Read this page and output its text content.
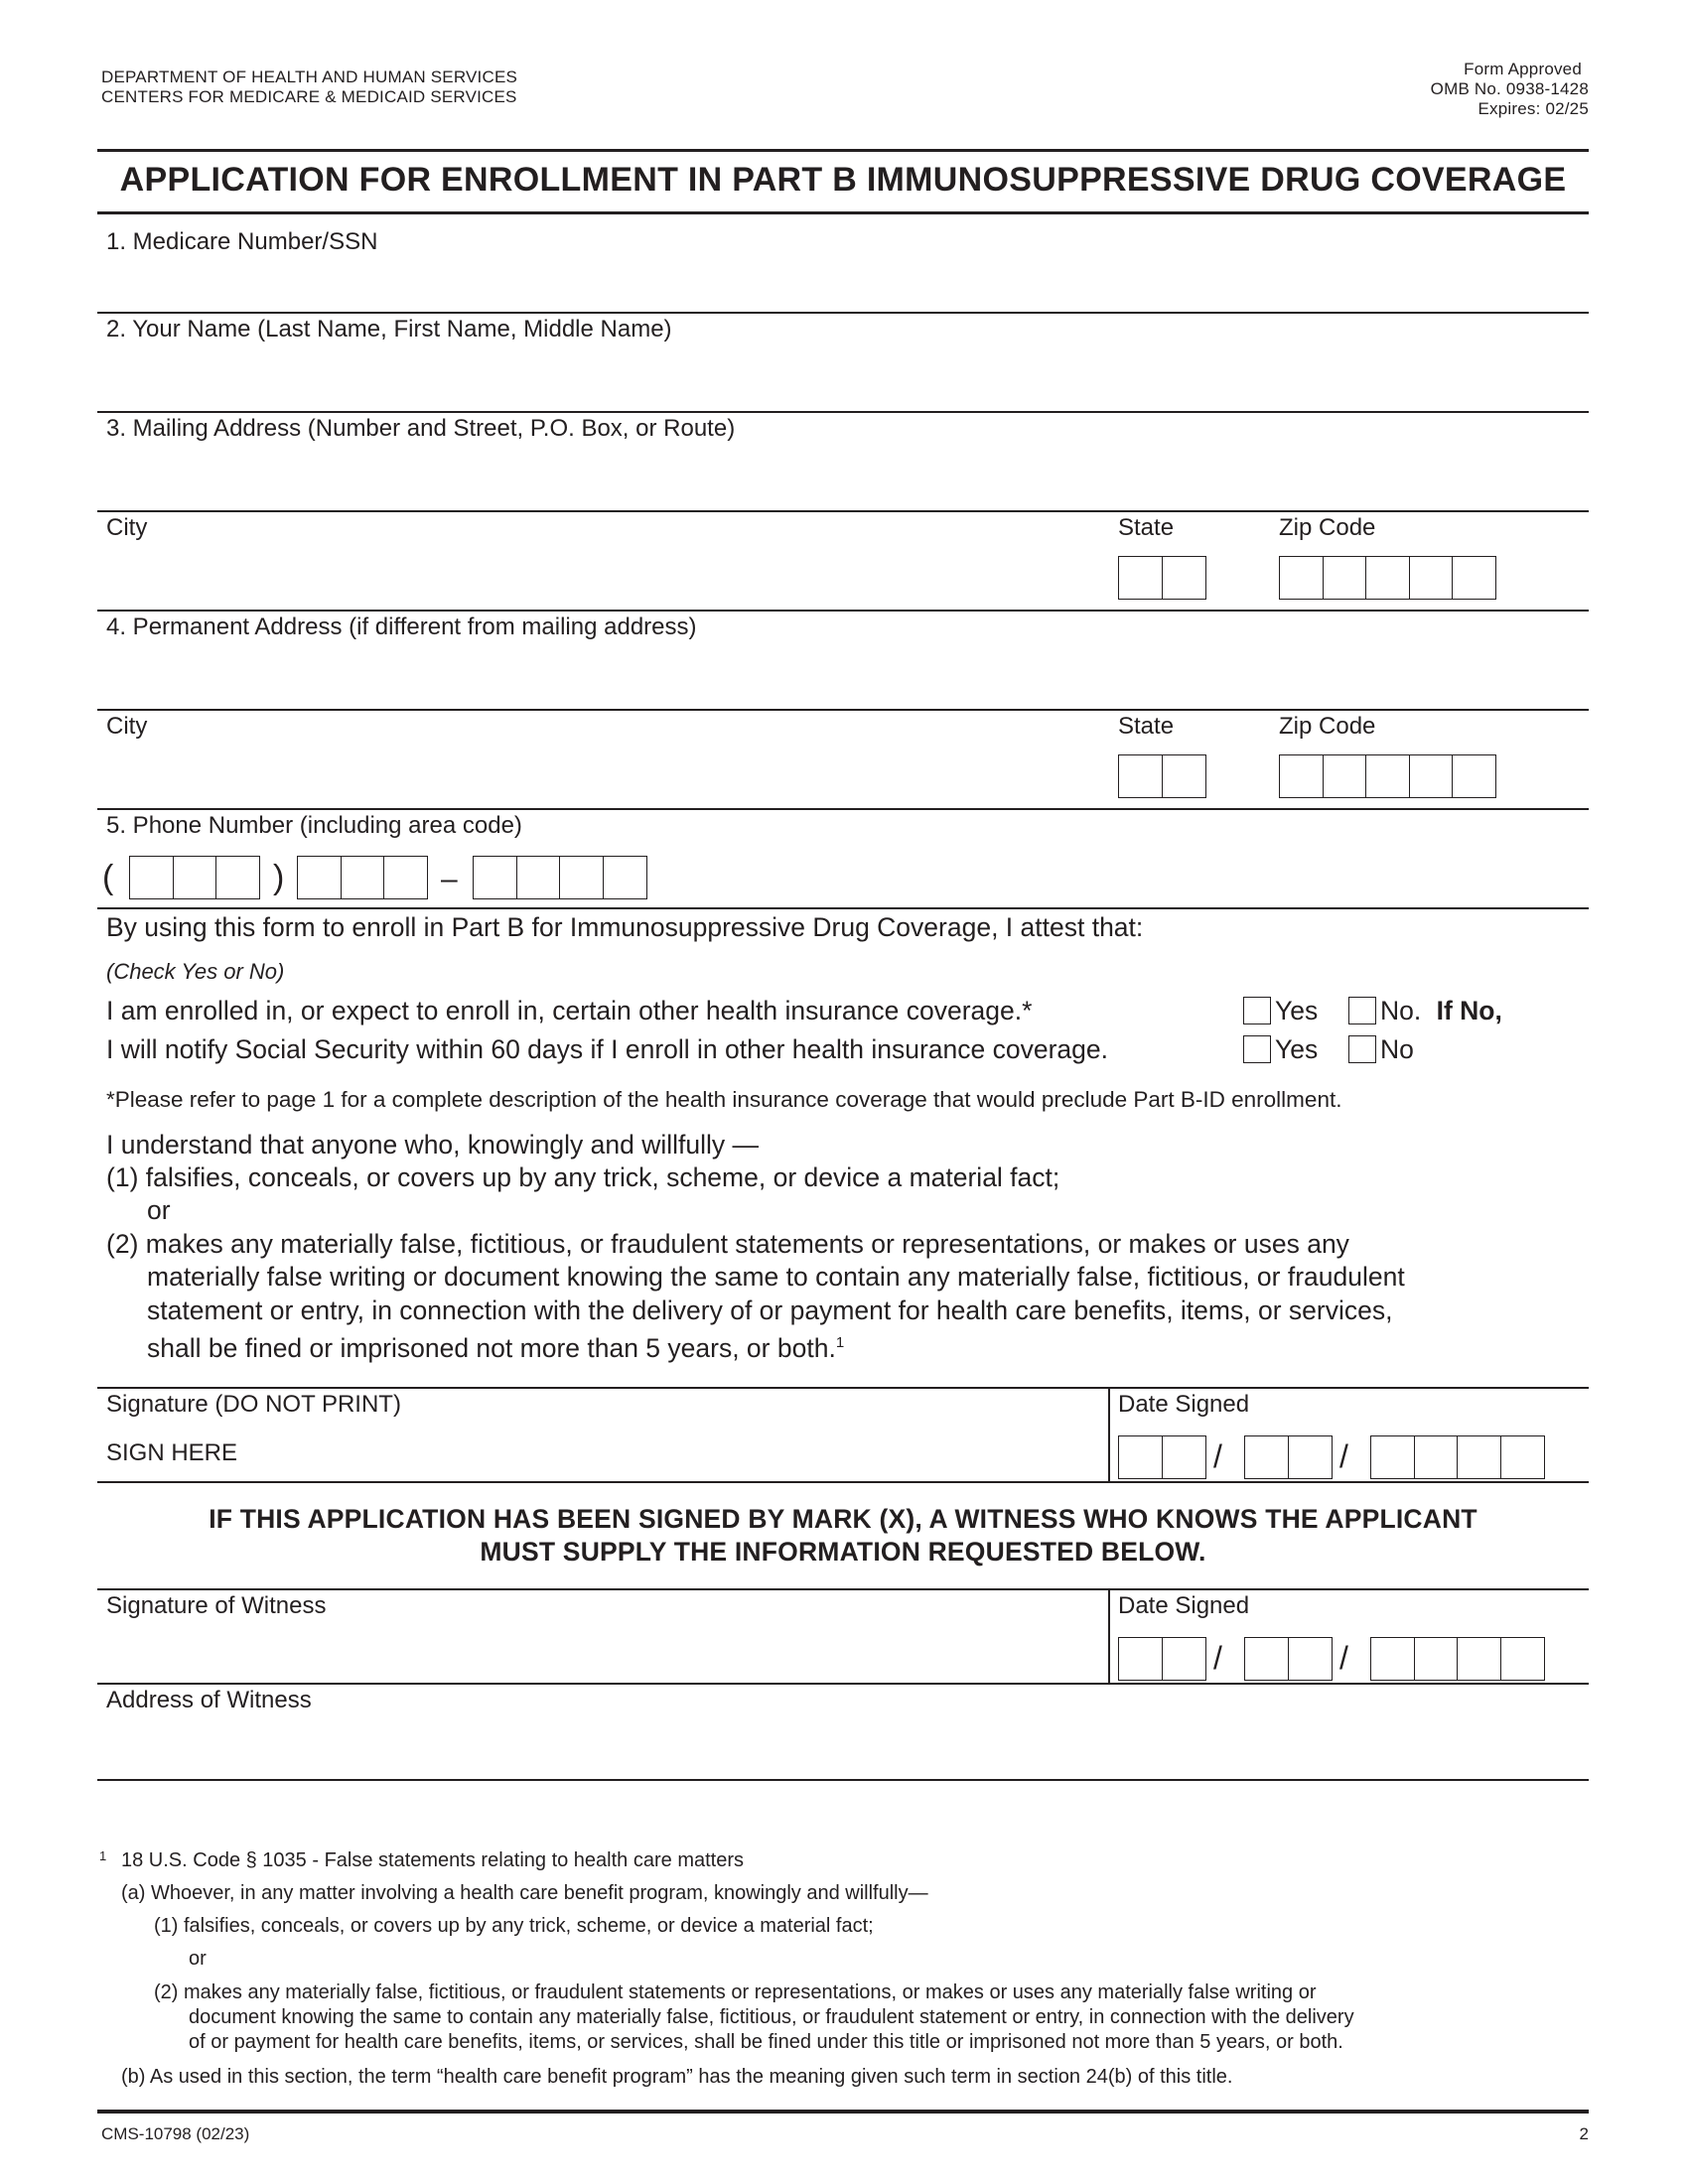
DEPARTMENT OF HEALTH AND HUMAN SERVICES
CENTERS FOR MEDICARE & MEDICAID SERVICES
Form Approved
OMB No. 0938-1428
Expires: 02/25
APPLICATION FOR ENROLLMENT IN PART B IMMUNOSUPPRESSIVE DRUG COVERAGE
1. Medicare Number/SSN
2. Your Name (Last Name, First Name, Middle Name)
3. Mailing Address (Number and Street, P.O. Box, or Route)
City	State	Zip Code
4. Permanent Address (if different from mailing address)
City	State	Zip Code
5. Phone Number (including area code)
(	)	–
By using this form to enroll in Part B for Immunosuppressive Drug Coverage, I attest that:
(Check Yes or No)
I am enrolled in, or expect to enroll in, certain other health insurance coverage.*	Yes	No. If No,
I will notify Social Security within 60 days if I enroll in other health insurance coverage.	Yes	No
*Please refer to page 1 for a complete description of the health insurance coverage that would preclude Part B-ID enrollment.
I understand that anyone who, knowingly and willfully —
(1) falsifies, conceals, or covers up by any trick, scheme, or device a material fact;
or
(2) makes any materially false, fictitious, or fraudulent statements or representations, or makes or uses any
materially false writing or document knowing the same to contain any materially false, fictitious, or fraudulent
statement or entry, in connection with the delivery of or payment for health care benefits, items, or services,
shall be fined or imprisoned not more than 5 years, or both.$^1$
Signature (DO NOT PRINT)
SIGN HERE
Date Signed
/	/
IF THIS APPLICATION HAS BEEN SIGNED BY MARK (X), A WITNESS WHO KNOWS THE APPLICANT
MUST SUPPLY THE INFORMATION REQUESTED BELOW.
Signature of Witness	Date Signed
/	/
Address of Witness
1 18 U.S. Code § 1035 - False statements relating to health care matters
(a) Whoever, in any matter involving a health care benefit program, knowingly and willfully—
(1) falsifies, conceals, or covers up by any trick, scheme, or device a material fact;
or
(2) makes any materially false, fictitious, or fraudulent statements or representations, or makes or uses any materially false writing or
document knowing the same to contain any materially false, fictitious, or fraudulent statement or entry, in connection with the delivery
of or payment for health care benefits, items, or services, shall be fined under this title or imprisoned not more than 5 years, or both.
(b) As used in this section, the term “health care benefit program” has the meaning given such term in section 24(b) of this title.
CMS-10798 (02/23)	2
